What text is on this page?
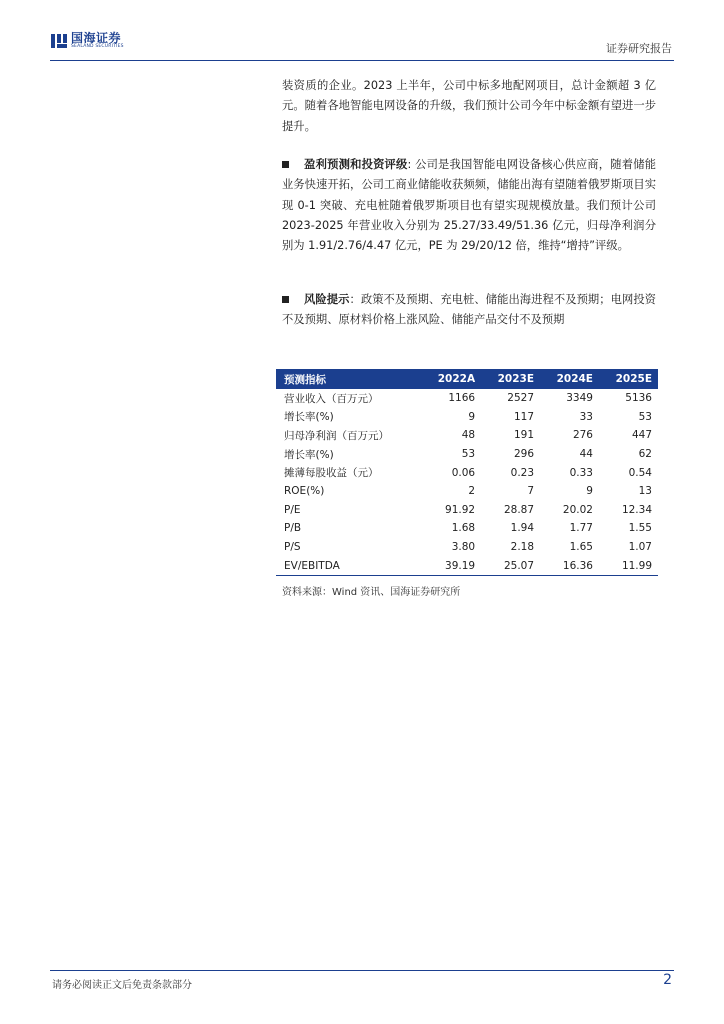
国海证券
SEALAND SECURITIES	证券研究报告
装资质的企业。2023 上半年，公司中标多地配网项目，总计金额超 3 亿元。随着各地智能电网设备的升级，我们预计公司今年中标金额有望进一步提升。
盈利预测和投资评级: 公司是我国智能电网设备核心供应商，随着储能业务快速开拓，公司工商业储能收获频频，储能出海有望随着俄罗斯项目实现 0-1 突破、充电桩随着俄罗斯项目也有望实现规模放量。我们预计公司 2023-2025 年营业收入分别为 25.27/33.49/51.36 亿元，归母净利润分别为 1.91/2.76/4.47 亿元，PE 为 29/20/12 倍，维持“增持”评级。
风险提示：政策不及预期、充电桩、储能出海进程不及预期；电网投资不及预期、原材料价格上涨风险、储能产品交付不及预期
预测指标	2022A	2023E	2024E	2025E
营业收入（百万元）	1166	2527	3349	5136
增长率(%)	9	117	33	53
归母净利润（百万元）	48	191	276	447
增长率(%)	53	296	44	62
摊薄每股收益（元）	0.06	0.23	0.33	0.54
ROE(%)	2	7	9	13
P/E	91.92	28.87	20.02	12.34
P/B	1.68	1.94	1.77	1.55
P/S	3.80	2.18	1.65	1.07
EV/EBITDA	39.19	25.07	16.36	11.99
资料来源：Wind 资讯、国海证券研究所
请务必阅读正文后免责条款部分	2
